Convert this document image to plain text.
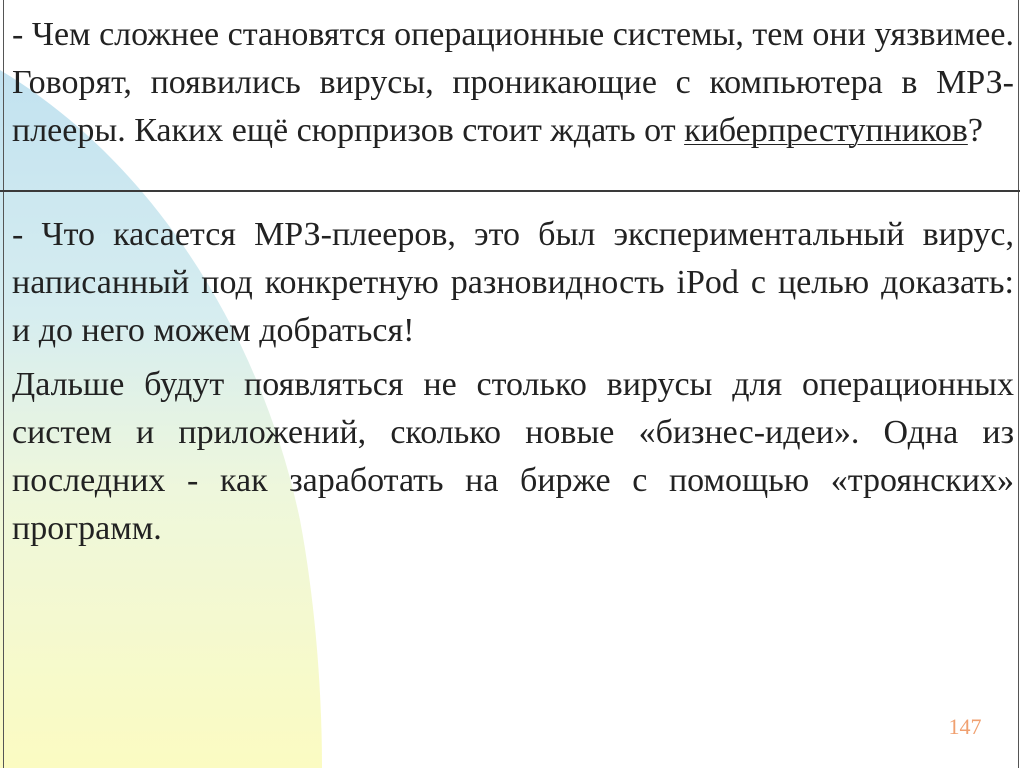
- Чем сложнее становятся операционные системы, тем они уязвимее. Говорят, появились вирусы, проникающие с компьютера в МРЗ-плееры. Каких ещё сюрпризов стоит ждать от киберпреступников?

- Что касается МРЗ-плееров, это был экспериментальный вирус, написанный под конкретную разновидность iPod с целью доказать: и до него можем добраться!

Дальше будут появляться не столько вирусы для операционных систем и приложений, сколько новые «бизнес-идеи». Одна из последних - как заработать на бирже с помощью «троянских» программ.

147
